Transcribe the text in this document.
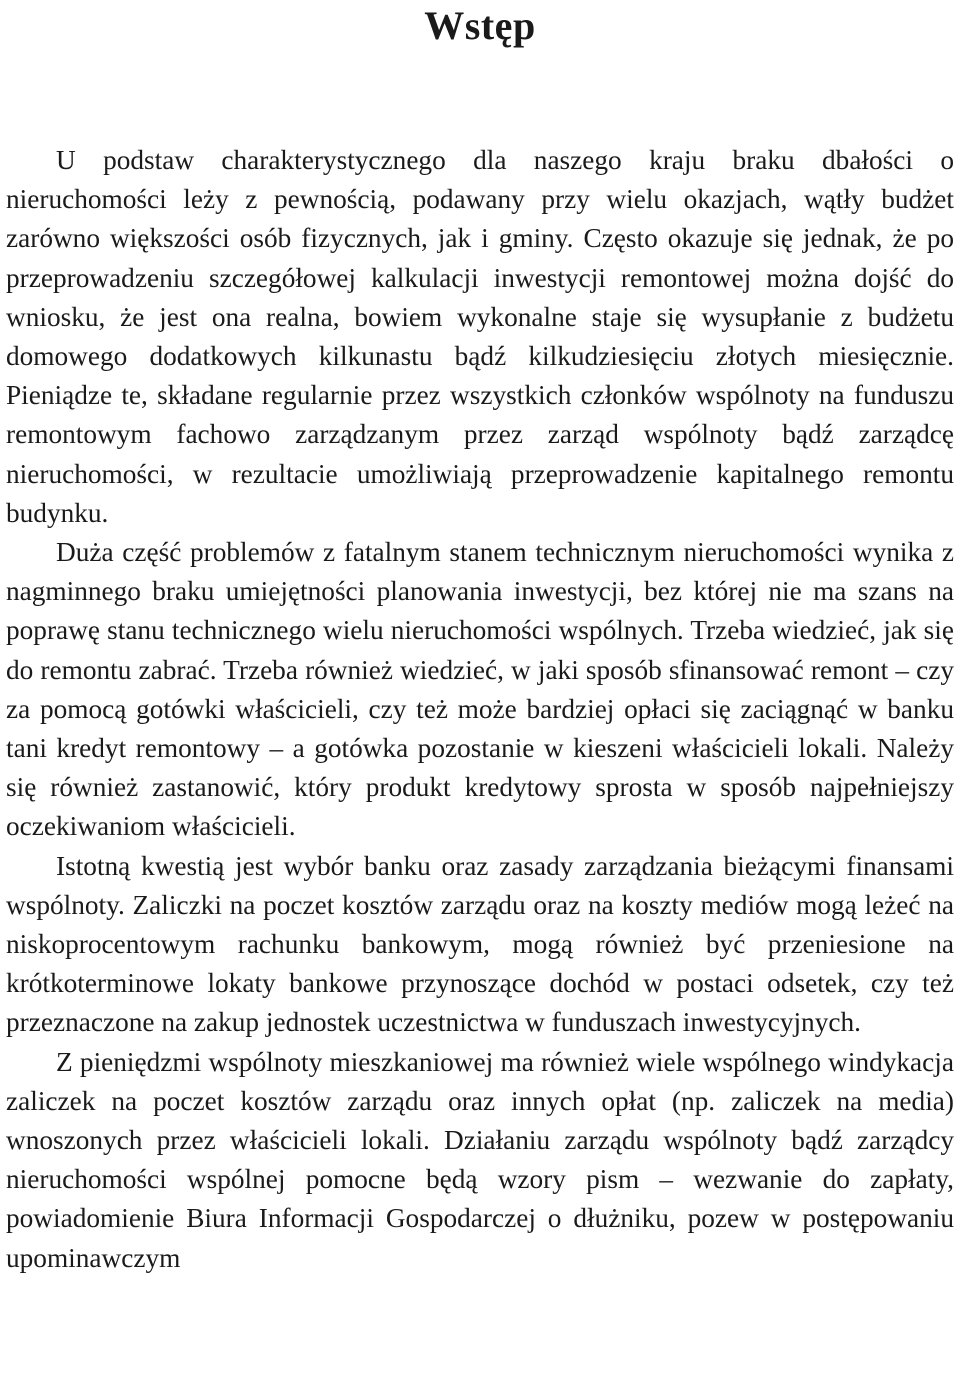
Wstęp

U podstaw charakterystycznego dla naszego kraju braku dbałości o nieruchomości leży z pewnością, podawany przy wielu okazjach, wątły budżet zarówno większości osób fizycznych, jak i gminy. Często okazuje się jednak, że po przeprowadzeniu szczegółowej kalkulacji inwestycji remontowej można dojść do wniosku, że jest ona realna, bowiem wykonalne staje się wysupłanie z budżetu domowego dodatkowych kilkunastu bądź kilkudziesięciu złotych miesięcznie. Pieniądze te, składane regularnie przez wszystkich członków wspólnoty na funduszu remontowym fachowo zarządzanym przez zarząd wspólnoty bądź zarządcę nieruchomości, w rezultacie umożliwiają przeprowadzenie kapitalnego remontu budynku.

Duża część problemów z fatalnym stanem technicznym nieruchomości wynika z nagminnego braku umiejętności planowania inwestycji, bez której nie ma szans na poprawę stanu technicznego wielu nieruchomości wspólnych. Trzeba wiedzieć, jak się do remontu zabrać. Trzeba również wiedzieć, w jaki sposób sfinansować remont – czy za pomocą gotówki właścicieli, czy też może bardziej opłaci się zaciągnąć w banku tani kredyt remontowy – a gotówka pozostanie w kieszeni właścicieli lokali. Należy się również zastanowić, który produkt kredytowy sprosta w sposób najpełniejszy oczekiwaniom właścicieli.

Istotną kwestią jest wybór banku oraz zasady zarządzania bieżącymi finansami wspólnoty. Zaliczki na poczet kosztów zarządu oraz na koszty mediów mogą leżeć na niskoprocentowym rachunku bankowym, mogą również być przeniesione na krótkoterminowe lokaty bankowe przynoszące dochód w postaci odsetek, czy też przeznaczone na zakup jednostek uczestnictwa w funduszach inwestycyjnych.

Z pieniędzmi wspólnoty mieszkaniowej ma również wiele wspólnego windykacja zaliczek na poczet kosztów zarządu oraz innych opłat (np. zaliczek na media) wnoszonych przez właścicieli lokali. Działaniu zarządu wspólnoty bądź zarządcy nieruchomości wspólnej pomocne będą wzory pism – wezwanie do zapłaty, powiadomienie Biura Informacji Gospodarczej o dłużniku, pozew w postępowaniu upominawczym
